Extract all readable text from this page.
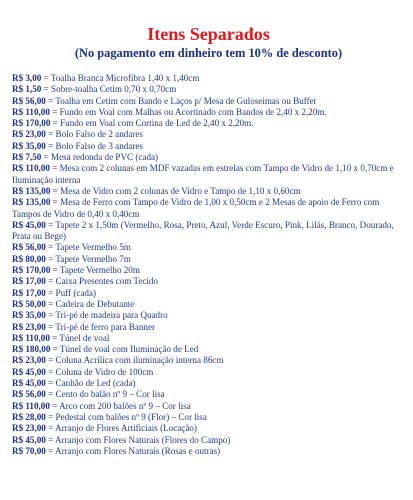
Itens Separados

(No pagamento em dinheiro tem 10% de desconto)

R$ 3,00 = Toalha Branca Microfibra 1,40 x 1,40cm
R$ 1,50 = Sobre-toalha Cetim 0,70 x 0,70cm
R$ 56,00 = Toalha em Cetim com Bando e Laços p/ Mesa de Guloseimas ou Buffet
R$ 110,00 = Fundo em Voal com Malhas ou Acortinado com Bandos de 2,40 x 2,20m.
R$ 170,00 = Fundo em Voal com Cortina de Led de 2,40 x 2,20m.
R$ 23,00 = Bolo Falso de 2 andares
R$ 35,00 = Bolo Falso de 3 andares
R$ 7,50 = Mesa redonda de PVC (cada)
R$ 110,00 = Mesa com 2 colunas em MDF vazadas em estrelas com Tampo de Vidro de 1,10 x 0,70cm e Iluminação interna
R$ 135,00 = Mesa de Vidro com 2 colunas de Vidro e Tampo de 1,10 x 0,60cm
R$ 135,00 = Mesa de Ferro com Tampo de Vidro de 1,00 x 0,50cm e 2 Mesas de apoio de Ferro com Tampos de Vidro de 0,40 x 0,40cm
R$ 45,00 = Tapete 2 x 1,50m (Vermelho, Rosa, Preto, Azul, Verde Escuro, Pink, Lilás, Branco, Dourado, Prata ou Bege)
R$ 56,00 = Tapete Vermelho 5m
R$ 80,00 = Tapete Vermelho 7m
R$ 170,00 = Tapete Vermelho 20m
R$ 17,00 = Caixa Presentes com Tecido
R$ 17,00 = Puff (cada)
R$ 50,00 = Cadeira de Debutante
R$ 35,00 = Tri-pé de madeira para Quadro
R$ 23,00 = Tri-pé de ferro para Banner
R$ 110,00 = Túnel de voal
R$ 180,00 = Túnel de voal com Iluminação de Led
R$ 23,00 = Coluna Acrílica com iluminação interna 86cm
R$ 45,00 = Coluna de Vidro de 100cm
R$ 45,00 = Canhão de Led (cada)
R$ 56,00 = Cento do balão nº 9 – Cor lisa
R$ 110,00 = Arco com 200 balões nº 9 – Cor lisa
R$ 28,00 = Pedestal com balões nº 9 (Flor) – Cor lisa
R$ 23,00 = Arranjo de Flores Artificiais (Locação)
R$ 45,00 = Arranjo com Flores Naturais (Flores do Campo)
R$ 70,00 = Arranjo com Flores Naturais (Rosas e outras)
